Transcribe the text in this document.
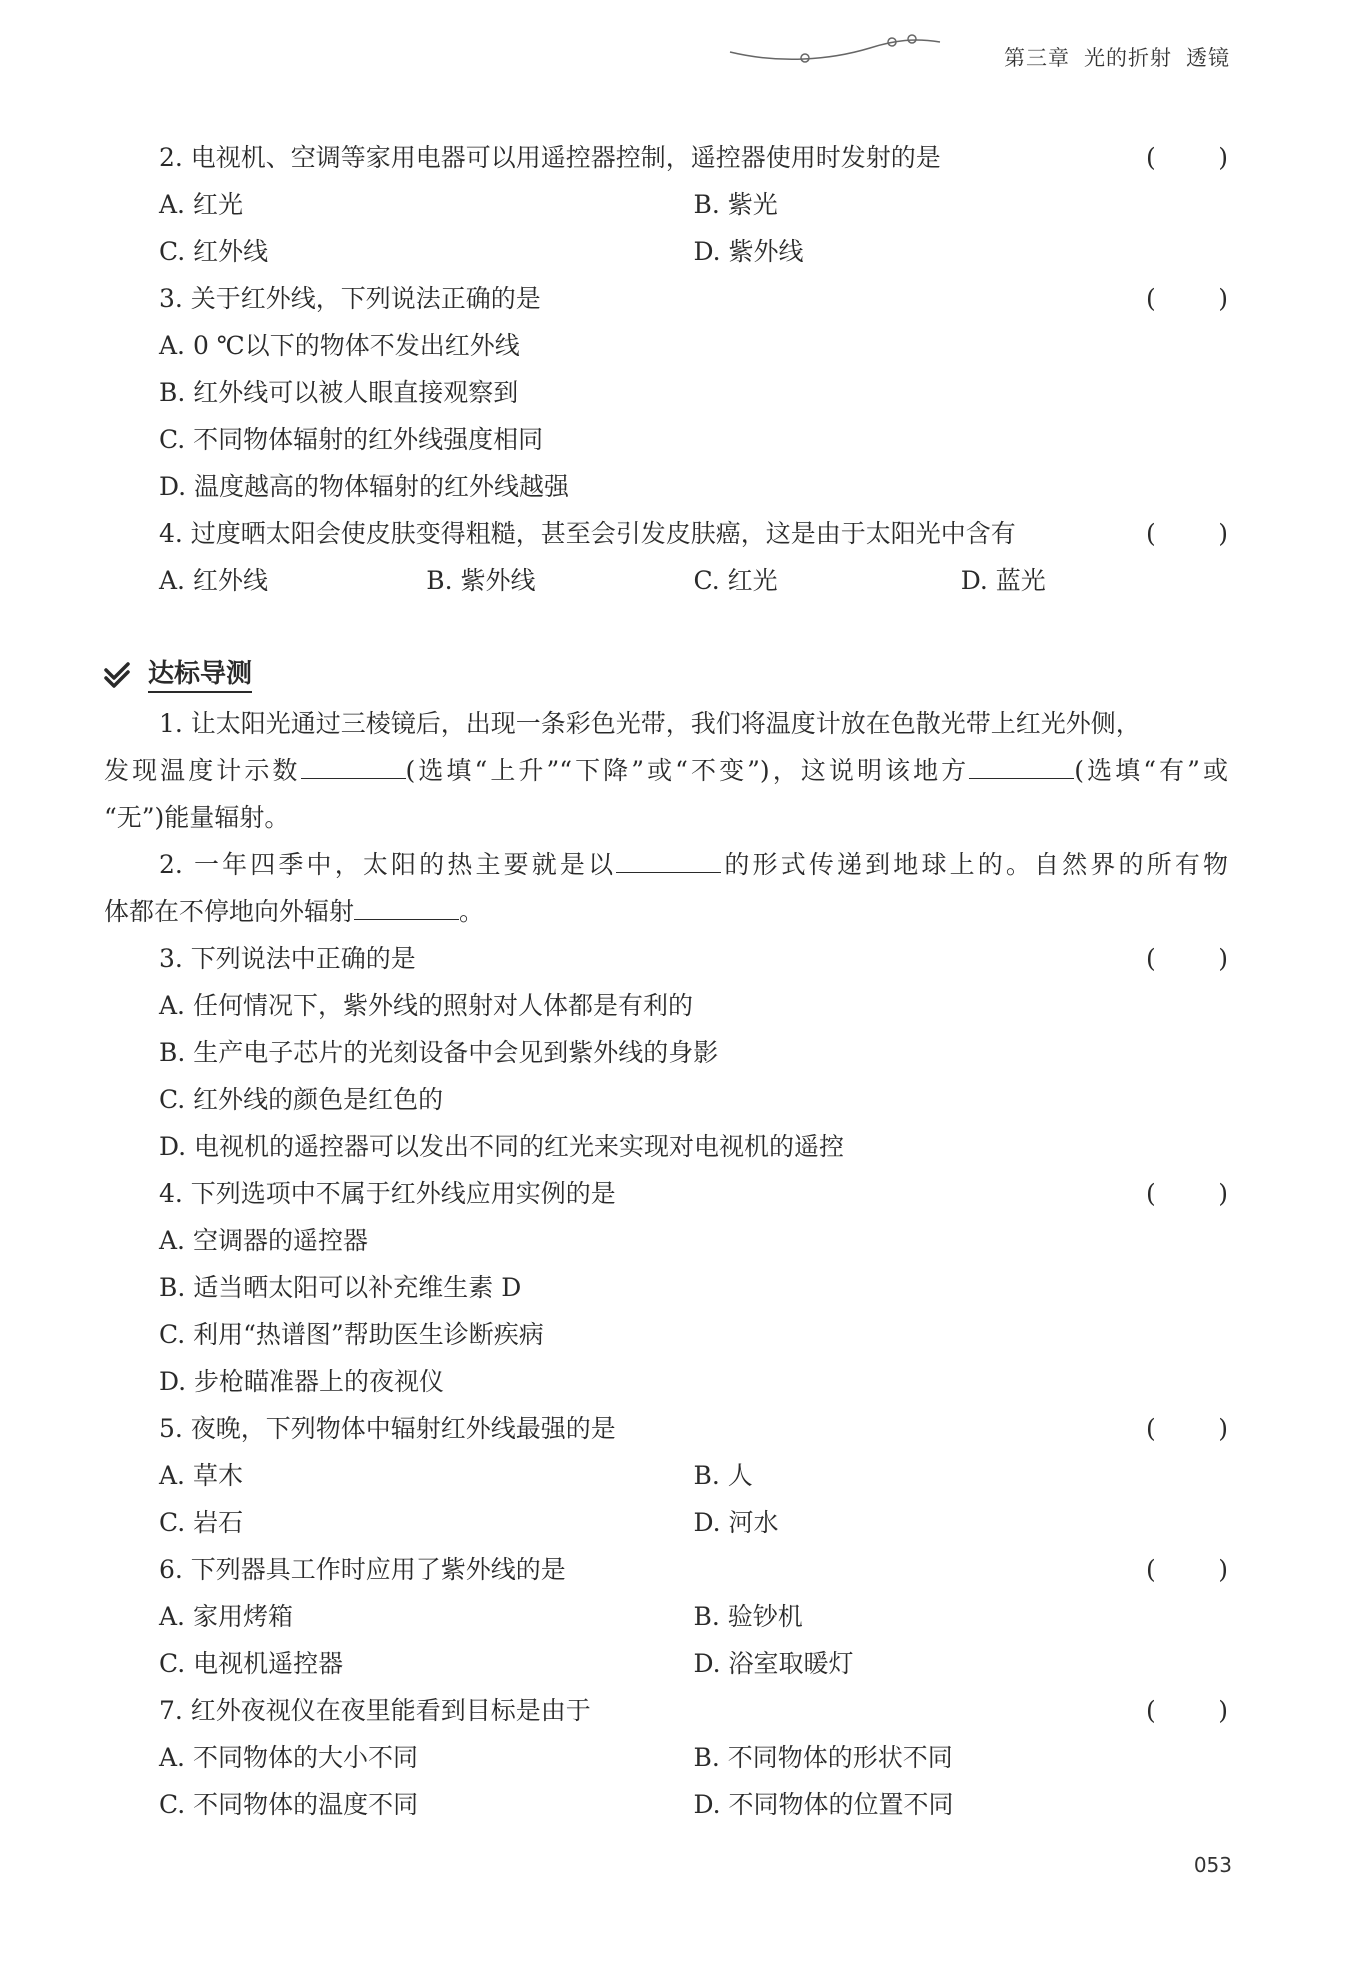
第三章 光的折射 透镜
2. 电视机、空调等家用电器可以用遥控器控制，遥控器使用时发射的是	( )
A. 红光	B. 紫光
C. 红外线	D. 紫外线
3. 关于红外线，下列说法正确的是	( )
A. 0 ℃以下的物体不发出红外线
B. 红外线可以被人眼直接观察到
C. 不同物体辐射的红外线强度相同
D. 温度越高的物体辐射的红外线越强
4. 过度晒太阳会使皮肤变得粗糙，甚至会引发皮肤癌，这是由于太阳光中含有	( )
A. 红外线	B. 紫外线	C. 红光	D. 蓝光
达标导测

1. 让太阳光通过三棱镜后，出现一条彩色光带，我们将温度计放在色散光带上红光外侧，

发现温度计示数	(选填“上升”“下降”或“不变”)，这说明该地方	(选填“有”或

“无”)能量辐射。

2. 一年四季中，太阳的热主要就是以	的形式传递到地球上的。自然界的所有物

体都在不停地向外辐射	。

3. 下列说法中正确的是	( )
A. 任何情况下，紫外线的照射对人体都是有利的
B. 生产电子芯片的光刻设备中会见到紫外线的身影
C. 红外线的颜色是红色的
D. 电视机的遥控器可以发出不同的红光来实现对电视机的遥控
4. 下列选项中不属于红外线应用实例的是	( )
A. 空调器的遥控器
B. 适当晒太阳可以补充维生素 D
C. 利用“热谱图”帮助医生诊断疾病
D. 步枪瞄准器上的夜视仪
5. 夜晚，下列物体中辐射红外线最强的是	( )
A. 草木	B. 人
C. 岩石	D. 河水
6. 下列器具工作时应用了紫外线的是	( )
A. 家用烤箱	B. 验钞机
C. 电视机遥控器	D. 浴室取暖灯
7. 红外夜视仪在夜里能看到目标是由于	( )
A. 不同物体的大小不同	B. 不同物体的形状不同
C. 不同物体的温度不同	D. 不同物体的位置不同
053
